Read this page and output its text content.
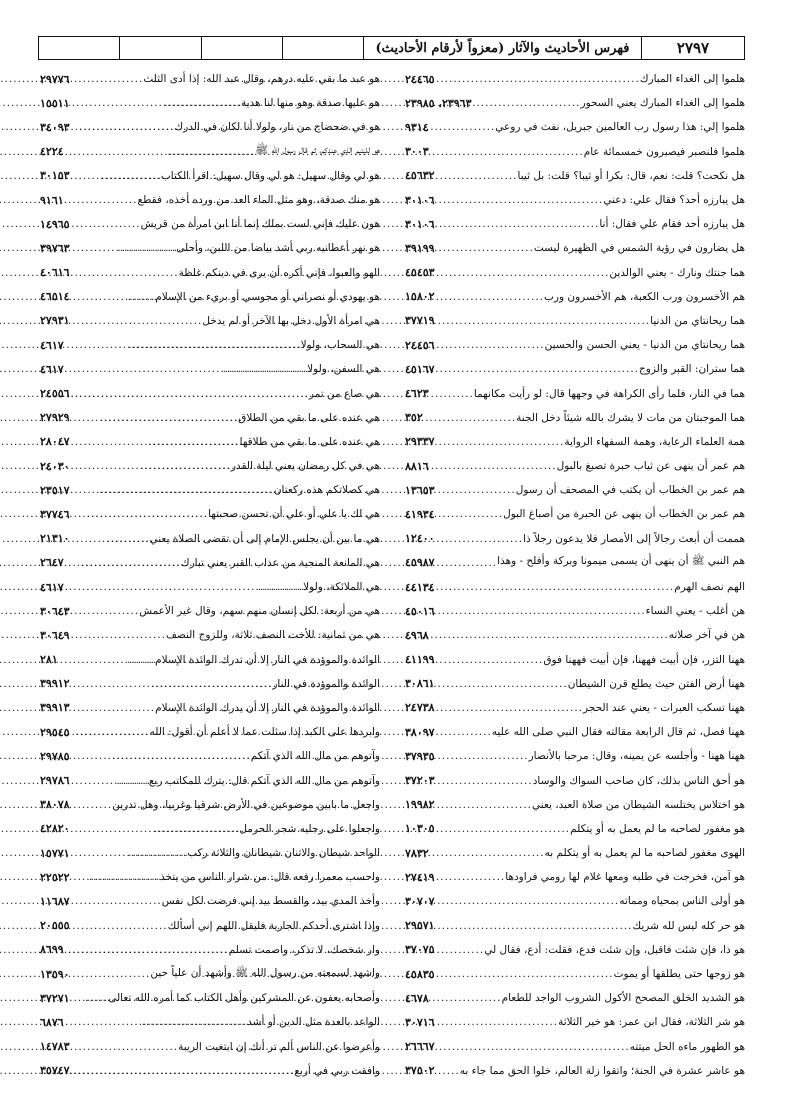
٢٧٩٧
فهرس الأحاديث والآثار (معزواً لأرقام الأحاديث)
هلموا إلى الغداء المبارك
.....
٢٤٤٦٥
هلموا إلى الغداء المبارك يعني السحور
.....
٢٣٩٦٣، ٢٣٩٨٥
هلموا إلي: هذا رسول رب العالمين جبريل، نفث في روعي
.....
٩٣١٤
هلموا فلنصبر فيصبرون خمسمائة عام
.....
٣٠٠٣
هل نكحت؟ قلت: نعم، قال: بكرا أو ثيبا؟ قلت: بل ثيبا
.....
٤٥٦٣٢
هل يبارزه أحد؟ فقال علي: دعني
.....
٣٠١٠٦
هل يبارزه أحد فقام علي فقال: أنا
.....
٣٠١٠٦
هل يضارون في رؤية الشمس في الظهيرة ليست
.....
٣٩١٩٩
هما جنتك ونارك - يعني الوالدين
.....
٤٥٤٥٣
هم الأخسرون ورب الكعبة، هم الأخسرون ورب
.....
١٥٨٠٢
هما ريحانتاي من الدنيا
.....
٣٧٧١٩
هما ريحانتاي من الدنيا - يعني الحسن والحسين
.....
٢٤٤٥٦
هما ستران: القبر والزوج
.....
٤٥١٦٧
هما في النار، فلما رأى الكراهة في وجهها قال: لو رأيت مكانهما
.....
٤٦٢٣
هما الموجبتان من مات لا يشرك بالله شيئاً دخل الجنة
.....
٣٥٢
همة العلماء الرعاية، وهمة السفهاء الرواية
.....
٢٩٣٣٧
هم عمر أن ينهى عن ثياب حبرة تصبغ بالبول
.....
٨٨١٦
هم عمر بن الخطاب أن يكتب في المصحف أن رسول
.....
١٣٦٥٣
هم عمر بن الخطاب أن ينهى عن الحبرة من أصباغ البول
.....
٤١٩٣٤
هممت أن أبعث رجالاً إلى الأمصار فلا يدعون رجلاً ذا
.....
١٢٤٠٠
هم النبي ﷺ أن ينهى أن يسمى ميمونا وبركة وأفلح - وهذا
.....
٤٥٩٨٧
الهم نصف الهرم
.....
٤٤١٣٤
هن أغلب - يعني النساء
.....
٤٥٠١٦
هن في آخر صلاته
.....
٤٩٦٨
ههنا التزر، فإن أبيت فههنا، فإن أبيت فههنا فوق
.....
٤١١٩٩
ههنا أرض الفتن حيث يطلع قرن الشيطان
.....
٣٠٨٦١
ههنا تسكب العبرات - يعني عند الحجر
.....
٢٤٧٣٨
ههنا فصل، ثم قال الرابعة مقالته فقال النبي صلى الله عليه
.....
٣٨٠٩٧
ههنا ههنا - وأجلسه عن يمينه، وقال: مرحبا بالأنصار
.....
٣٧٩٣٥
هو أحق الناس بذلك، كان صاحب السواك والوساد
.....
٣٧٢٠٣
هو اختلاس يختلسه الشيطان من صلاة العبد، يعني
.....
١٩٩٨٢
هو مغفور لصاحبه ما لم يعمل به أو يتكلم
.....
١٠٣٠٥
الهوى مغفور لصاحبه ما لم يعمل به أو يتكلم به
.....
٧٨٣٢
هو آمن، فخرجت في طلبه ومعها غلام لها رومي فراودها
.....
٢٧٤١٩
هو أولى الناس بمحياه ومماته
.....
٣٠٧٠٧
هو حر كله ليس لله شريك
.....
٢٩٥٧١
هو ذا، فإن شئت فاقبل، وإن شئت فدع، فقلت: أدع، فقال لي
.....
٣٧٠٧٥
هو زوجها حتى يطلقها أو يموت
.....
٤٥٨٣٥
هو الشديد الخلق المصحح الأكول الشروب الواجد للطعام
.....
٤٦٧٨
هو شر الثلاثة، فقال ابن عمر: هو خير الثلاثة
.....
٣٠٧١٦
هو الطهور ماءه الحل ميتته
.....
٢٦٦٦٧
هو عاشر عشرة في الجنة؛ واتقوا زلة العالم، خلوا الحق مما جاء به
.....
٣٧٥٠٢
هو عبد ما بقي عليه درهم، وقال عبد الله: إذا أدى الثلث
.....
٢٩٧٧٦
هو عليها صدقة وهو منها لنا هدية
.....
١٥٥١١
هو في ضحضاح من نار، ولولا أنا لكان في الدرك
.....
٣٤٠٩٣
هو لليتيم الذي عندكم، ثم قال رسول الله ﷺ
.....
٤٢٢٤
هو لي وقال سهيل: هو لي وقال سهيل: اقرأ الكتاب
.....
٣٠١٥٣
هو منك صدقة، وهو مثل الماء العد من ورده أخذه، فقطع
.....
٩١٦١
هون عليك فإني لست بملك إنما أنا ابن امرأة من قريش
.....
١٤٩٦٥
هو نهر أعطانيه ربي أشد بياضا من اللبن، وأحلى
.....
٣٩٧٦٣
الهو والعبوا، فإني أكره أن يرى في دينكم غلظة
.....
٤٠٦١٦
هو يهودي أو نصراني أو مجوسي أو بريء من الإسلام
.....
٤٦٥١٤
هي امرأة الأول دخل بها الآخر أو لم يدخل
.....
٢٧٩٣١
هي السحاب، ولولا
.....
٤٦١٧
هي السفن، ولولا
.....
٤٦١٧
هي صاع من تمر
.....
٢٤٥٥٦
هي عنده على ما بقي من الطلاق
.....
٢٧٩٢٩
هي عنده على ما بقي من طلاقها
.....
٢٨٠٤٧
هي في كل رمضان يعني ليلة القدر
.....
٢٤٠٣٠
هي كصلاتكم هذه ركعتان
.....
٢٣٥١٧
هي لك يا علي أو علي أن تحسن صحبتها
.....
٣٧٧٤٦
هي ما بين أن يجلس الإمام إلى أن تقضى الصلاة يعني
.....
٢١٣١٠
هي المانعة المنجية من عذاب القبر يعني تبارك
.....
٢٦٤٧
هي الملائكة، ولولا
.....
٤٦١٧
هي من أربعة: لكل إنسان منهم سهم، وقال غير الأعمش
.....
٣٠٦٤٣
هي من ثمانية: للأخت النصف ثلاثة، وللزوج النصف
.....
٣٠٦٤٩
الوائدة والموؤدة في النار إلا أن تدرك الوائدة الإسلام
.....
٢٨١
الوائدة والموؤدة في النار
.....
٣٩٩١٢
الوائدة والموؤدة في النار إلا أن يدرك الوائدة الإسلام
.....
٣٩٩١٣
وابردها على الكبد إذا سئلت عما لا أعلم أن أقول: الله
.....
٢٩٥٤٥
وآتوهم من مال الله الذي آتكم
.....
٢٩٧٨٥
وآتوهم من مال الله الذي آتكم قال: يترك للمكاتب ربع
.....
٢٩٧٨٦
واجعل ما بابين موضوعين في الأرض شرقيا وغربيا، وهل تدرين
.....
٣٨٠٧٨
واجعلوا على رجليه شجر الحرمل
.....
٤٢٨٢٠
الواحد شيطان والاثنان شيطانان والثلاثة ركب
.....
١٥٧٧١
واحسب معمرا رفعه قال: من شرار الناس من يتخذ
.....
٢٢٥٢٢
وأخذ المدي بيد، والقسط بيد إني فرضت لكل نفس
.....
١١٦٨٧
وإذا اشترى أحدكم الجارية فليقل اللهم إني أسألك
.....
٢٠٥٥٥
وار شخصك، لا تذكر، واصمت تسلم
.....
٨٦٩٩
واشهد لسمعته من رسول الله ﷺ وأشهد أن علياً حين
.....
١٣٥٩٠
وأصحابه يعفون عن المشركين وأهل الكتاب كما أمره الله تعالى
.....
٣٧٢٧١
الواعد بالعدة مثل الدين أو أشد
.....
٦٨٧٦
وأعرضوا عن الناس ألم تر أنك إن ابتغيت الريبة
.....
١٤٧٨٣
وافقت ربي في أربع
.....
٣٥٧٤٧
